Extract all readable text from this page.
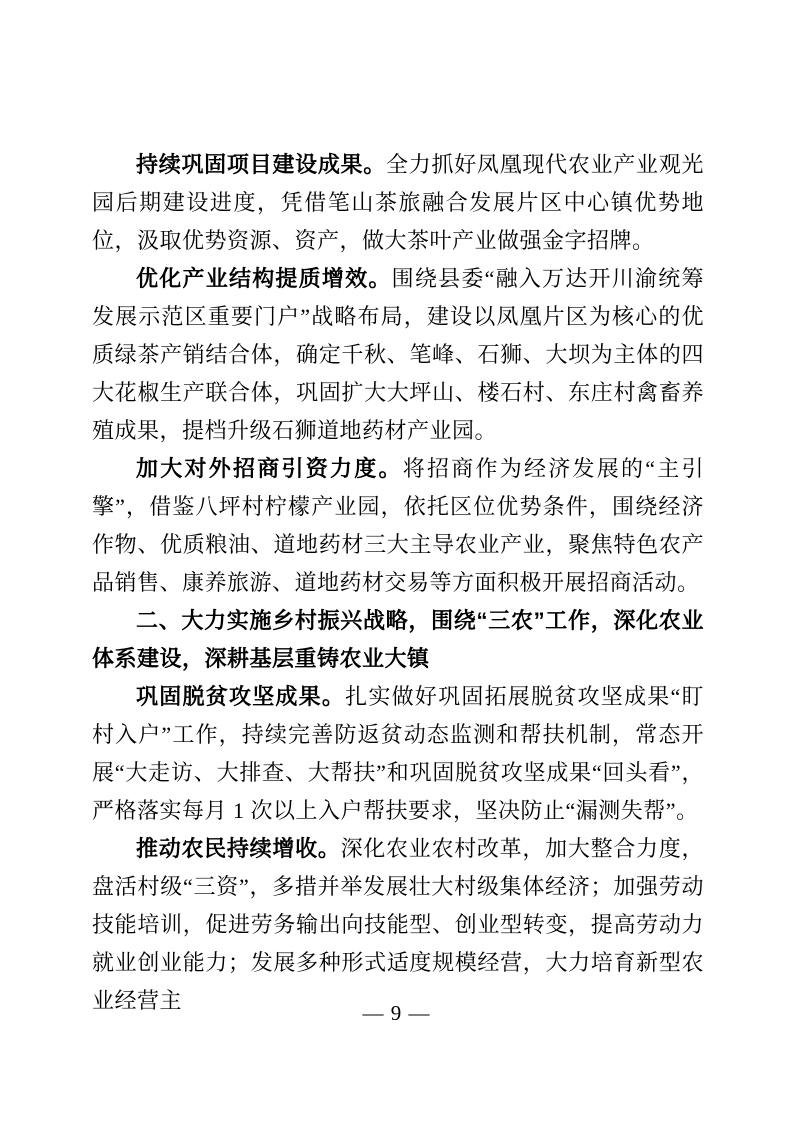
持续巩固项目建设成果。全力抓好凤凰现代农业产业观光园后期建设进度，凭借笔山茶旅融合发展片区中心镇优势地位，汲取优势资源、资产，做大茶叶产业做强金字招牌。

优化产业结构提质增效。围绕县委“融入万达开川渝统筹发展示范区重要门户”战略布局，建设以凤凰片区为核心的优质绿茶产销结合体，确定千秋、笔峰、石狮、大坝为主体的四大花椒生产联合体，巩固扩大大坪山、楼石村、东庄村禽畜养殖成果，提档升级石狮道地药材产业园。

加大对外招商引资力度。将招商作为经济发展的“主引擎”，借鉴八坪村柠檬产业园，依托区位优势条件，围绕经济作物、优质粮油、道地药材三大主导农业产业，聚焦特色农产品销售、康养旅游、道地药材交易等方面积极开展招商活动。

二、大力实施乡村振兴战略，围绕“三农”工作，深化农业体系建设，深耕基层重铸农业大镇

巩固脱贫攻坚成果。扎实做好巩固拓展脱贫攻坚成果“盯村入户”工作，持续完善防返贫动态监测和帮扶机制，常态开展“大走访、大排查、大帮扶”和巩固脱贫攻坚成果“回头看”，严格落实每月 1 次以上入户帮扶要求，坚决防止“漏测失帮”。

推动农民持续增收。深化农业农村改革，加大整合力度，盘活村级“三资”，多措并举发展壮大村级集体经济；加强劳动技能培训，促进劳务输出向技能型、创业型转变，提高劳动力就业创业能力；发展多种形式适度规模经营，大力培育新型农业经营主	— 9 —
